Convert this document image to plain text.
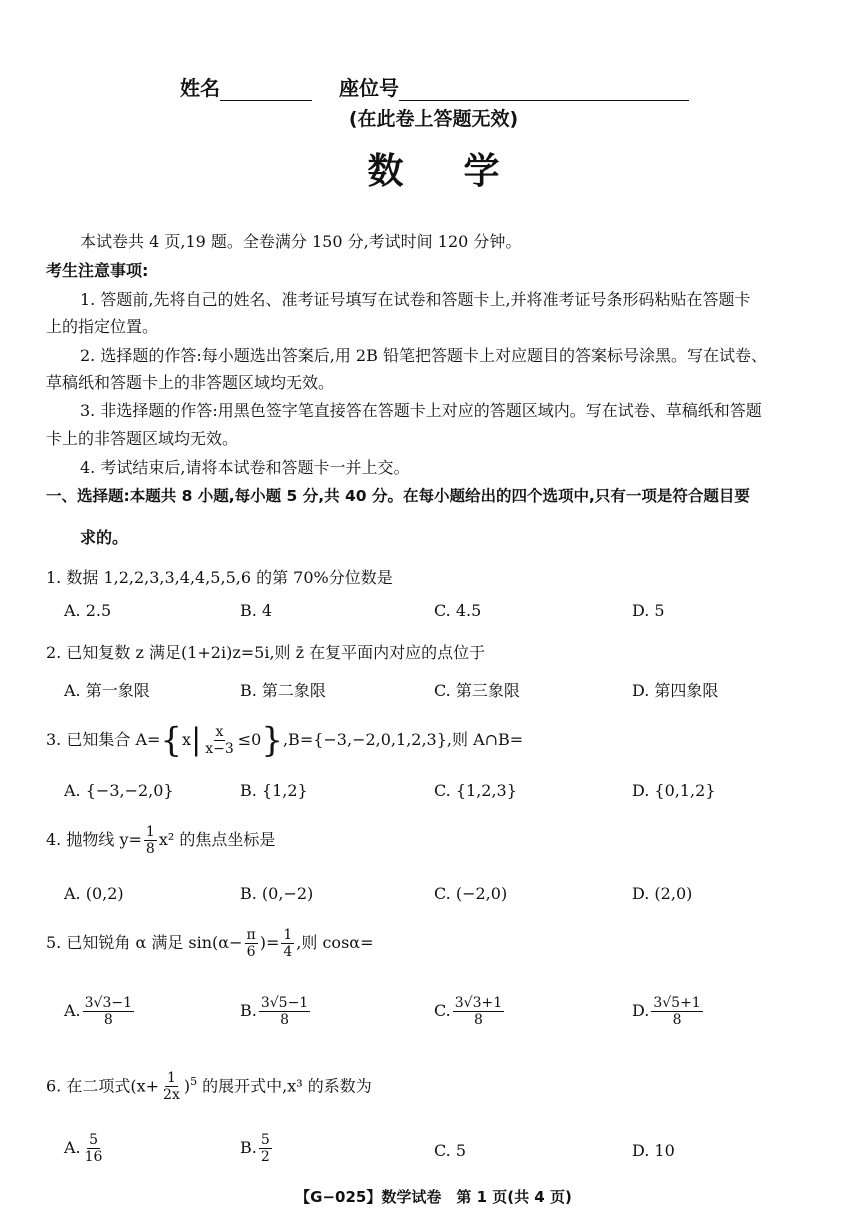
姓名	座位号
(在此卷上答题无效)
数学
本试卷共 4 页,19 题。全卷满分 150 分,考试时间 120 分钟。
考生注意事项:
1. 答题前,先将自己的姓名、准考证号填写在试卷和答题卡上,并将准考证号条形码粘贴在答题卡
上的指定位置。
2. 选择题的作答:每小题选出答案后,用 2B 铅笔把答题卡上对应题目的答案标号涂黑。写在试卷、
草稿纸和答题卡上的非答题区域均无效。
3. 非选择题的作答:用黑色签字笔直接答在答题卡上对应的答题区域内。写在试卷、草稿纸和答题
卡上的非答题区域均无效。
4. 考试结束后,请将本试卷和答题卡一并上交。
一、选择题:本题共 8 小题,每小题 5 分,共 40 分。在每小题给出的四个选项中,只有一项是符合题目要
求的。
1. 数据 1,2,2,3,3,4,4,5,5,6 的第 70%分位数是
A. 2.5	B. 4	C. 4.5	D. 5
2. 已知复数 z 满足(1+2i)z=5i,则 z̄ 在复平面内对应的点位于
A. 第一象限	B. 第二象限	C. 第三象限	D. 第四象限
3. 已知集合 $A=\{x| \frac{x}{x-3} \le 0\},B=\{-3,-2,0,1,2,3\}$,则 A∩B=
A. {−3,−2,0}	B. {1,2}	C. {1,2,3}	D. {0,1,2}
4. 抛物线 $y= \frac{1}{8} x^2$ 的焦点坐标是
A. (0,2)	B. (0,−2)	C. (−2,0)	D. (2,0)
5. 已知锐角 α 满足 $\sin(\alpha- \frac{\pi}{6}$ )= $\frac{1}{4}$ ,则 cosα=
A. $\frac{3√3-1}{8}$	B. $\frac{3√5-1}{8}$	C. $\frac{3√3+1}{8}$	D. $\frac{3√5+1}{8}$
6. 在二项式$(x+ \frac{1}{2x} )^5$ 的展开式中,x³ 的系数为
A. $\frac{5}{16}$	B. $\frac{5}{2}$	C. 5	D. 10
【G−025】数学试卷　第 1 页(共 4 页)
